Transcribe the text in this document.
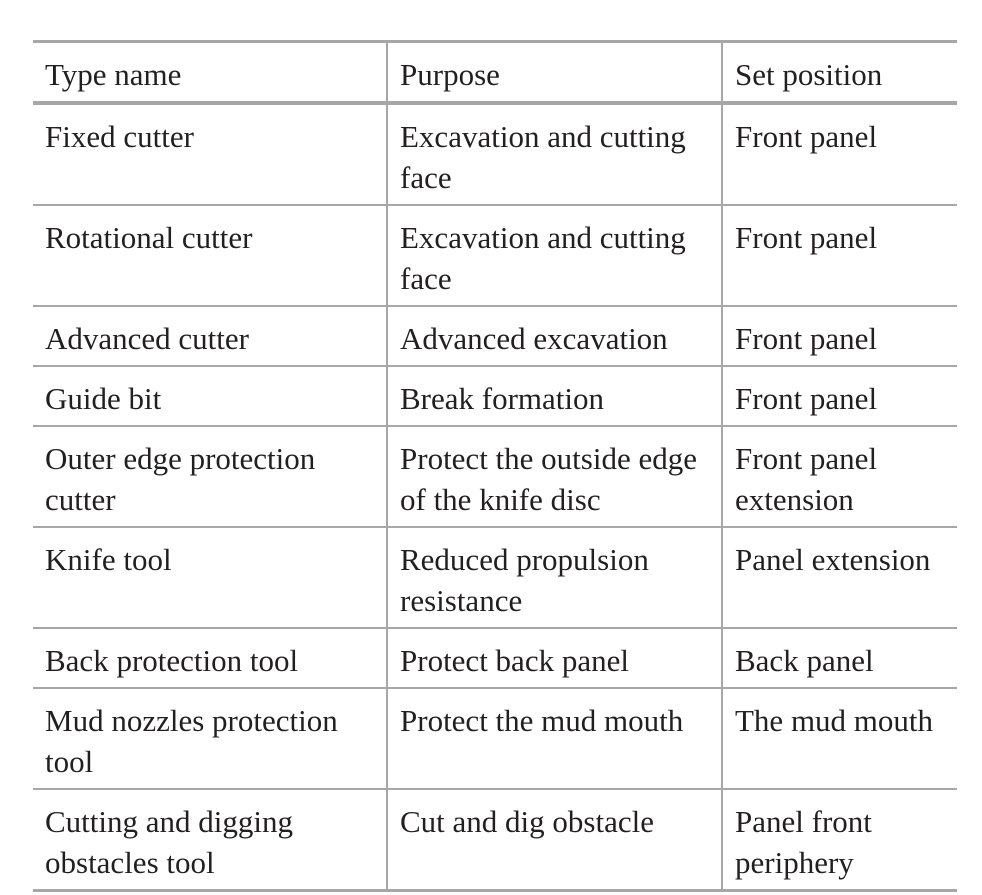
Type name	Purpose	Set position
Fixed cutter	Excavation and cutting face	Front panel
Rotational cutter	Excavation and cutting face	Front panel
Advanced cutter	Advanced excavation	Front panel
Guide bit	Break formation	Front panel
Outer edge protection cutter	Protect the outside edge of the knife disc	Front panel extension
Knife tool	Reduced propulsion resistance	Panel extension
Back protection tool	Protect back panel	Back panel
Mud nozzles protection tool	Protect the mud mouth	The mud mouth
Cutting and digging obstacles tool	Cut and dig obstacle	Panel front periphery
